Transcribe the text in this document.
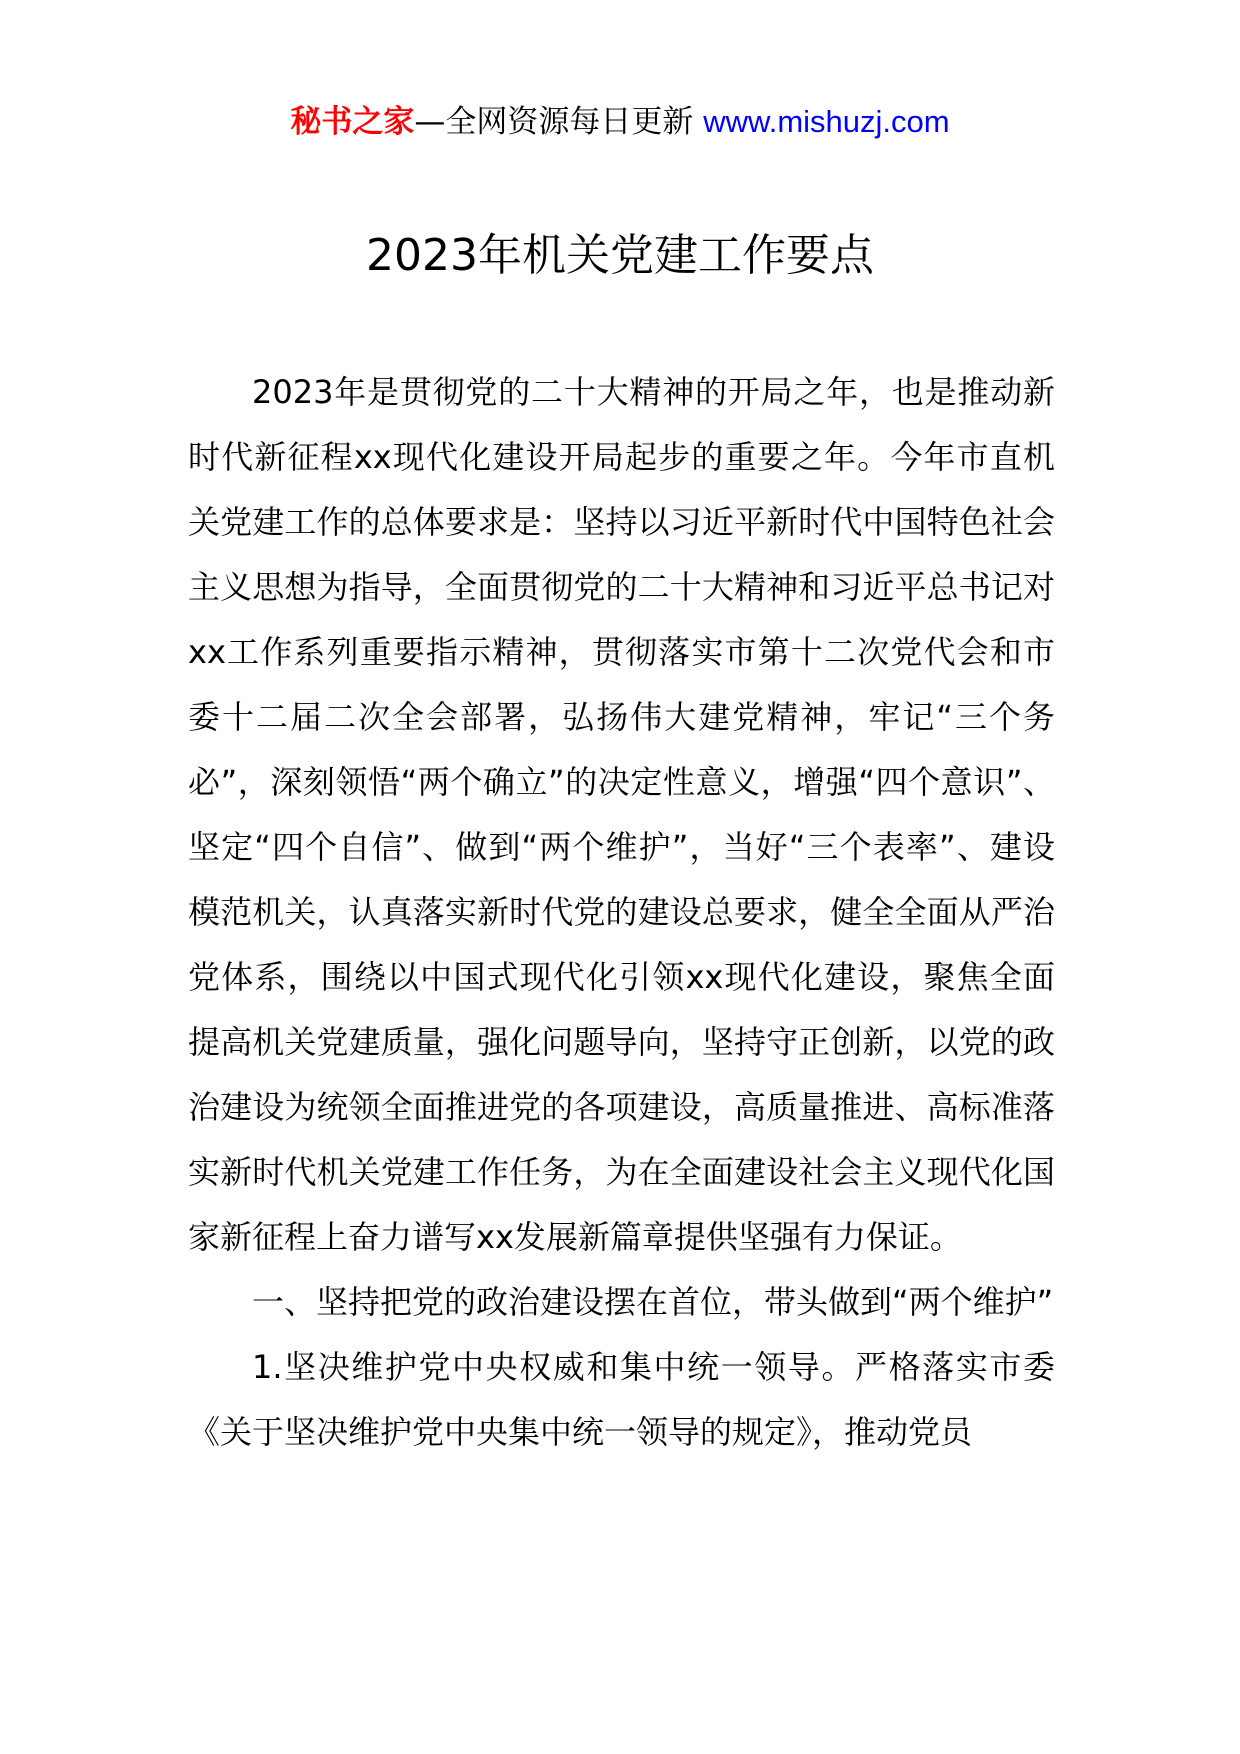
秘书之家—全网资源每日更新 www.mishuzj.com
2023年机关党建工作要点

2023年是贯彻党的二十大精神的开局之年，也是推动新时代新征程xx现代化建设开局起步的重要之年。今年市直机关党建工作的总体要求是：坚持以习近平新时代中国特色社会主义思想为指导，全面贯彻党的二十大精神和习近平总书记对xx工作系列重要指示精神，贯彻落实市第十二次党代会和市委十二届二次全会部署，弘扬伟大建党精神，牢记“三个务必”，深刻领悟“两个确立”的决定性意义，增强“四个意识”、坚定“四个自信”、做到“两个维护”，当好“三个表率”、建设模范机关，认真落实新时代党的建设总要求，健全全面从严治党体系，围绕以中国式现代化引领xx现代化建设，聚焦全面提高机关党建质量，强化问题导向，坚持守正创新，以党的政治建设为统领全面推进党的各项建设，高质量推进、高标准落实新时代机关党建工作任务，为在全面建设社会主义现代化国家新征程上奋力谱写xx发展新篇章提供坚强有力保证。

一、坚持把党的政治建设摆在首位，带头做到“两个维护”

1.坚决维护党中央权威和集中统一领导。严格落实市委《关于坚决维护党中央集中统一领导的规定》，推动党员
